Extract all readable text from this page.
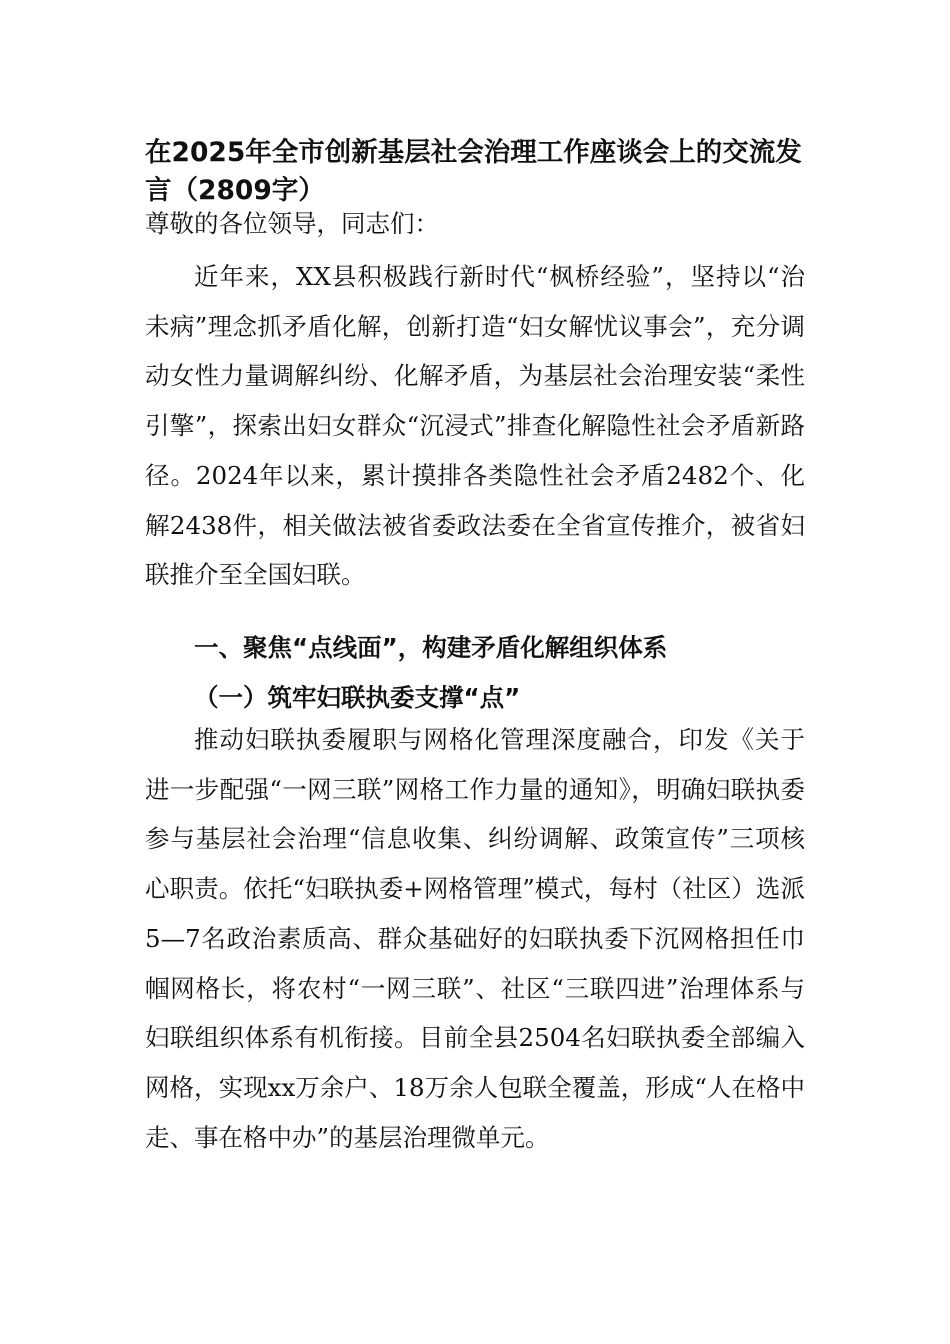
在2025年全市创新基层社会治理工作座谈会上的交流发言（2809字）

尊敬的各位领导，同志们：

近年来，XX县积极践行新时代“枫桥经验”，坚持以“治未病”理念抓矛盾化解，创新打造“妇女解忧议事会”，充分调动女性力量调解纠纷、化解矛盾，为基层社会治理安装“柔性引擎”，探索出妇女群众“沉浸式”排查化解隐性社会矛盾新路径。2024年以来，累计摸排各类隐性社会矛盾2482个、化解2438件，相关做法被省委政法委在全省宣传推介，被省妇联推介至全国妇联。

一、聚焦“点线面”，构建矛盾化解组织体系
（一）筑牢妇联执委支撑“点”

推动妇联执委履职与网格化管理深度融合，印发《关于进一步配强“一网三联”网格工作力量的通知》，明确妇联执委参与基层社会治理“信息收集、纠纷调解、政策宣传”三项核心职责。依托“妇联执委+网格管理”模式，每村（社区）选派5—7名政治素质高、群众基础好的妇联执委下沉网格担任巾帼网格长，将农村“一网三联”、社区“三联四进”治理体系与妇联组织体系有机衔接。目前全县2504名妇联执委全部编入网格，实现xx万余户、18万余人包联全覆盖，形成“人在格中走、事在格中办”的基层治理微单元。
